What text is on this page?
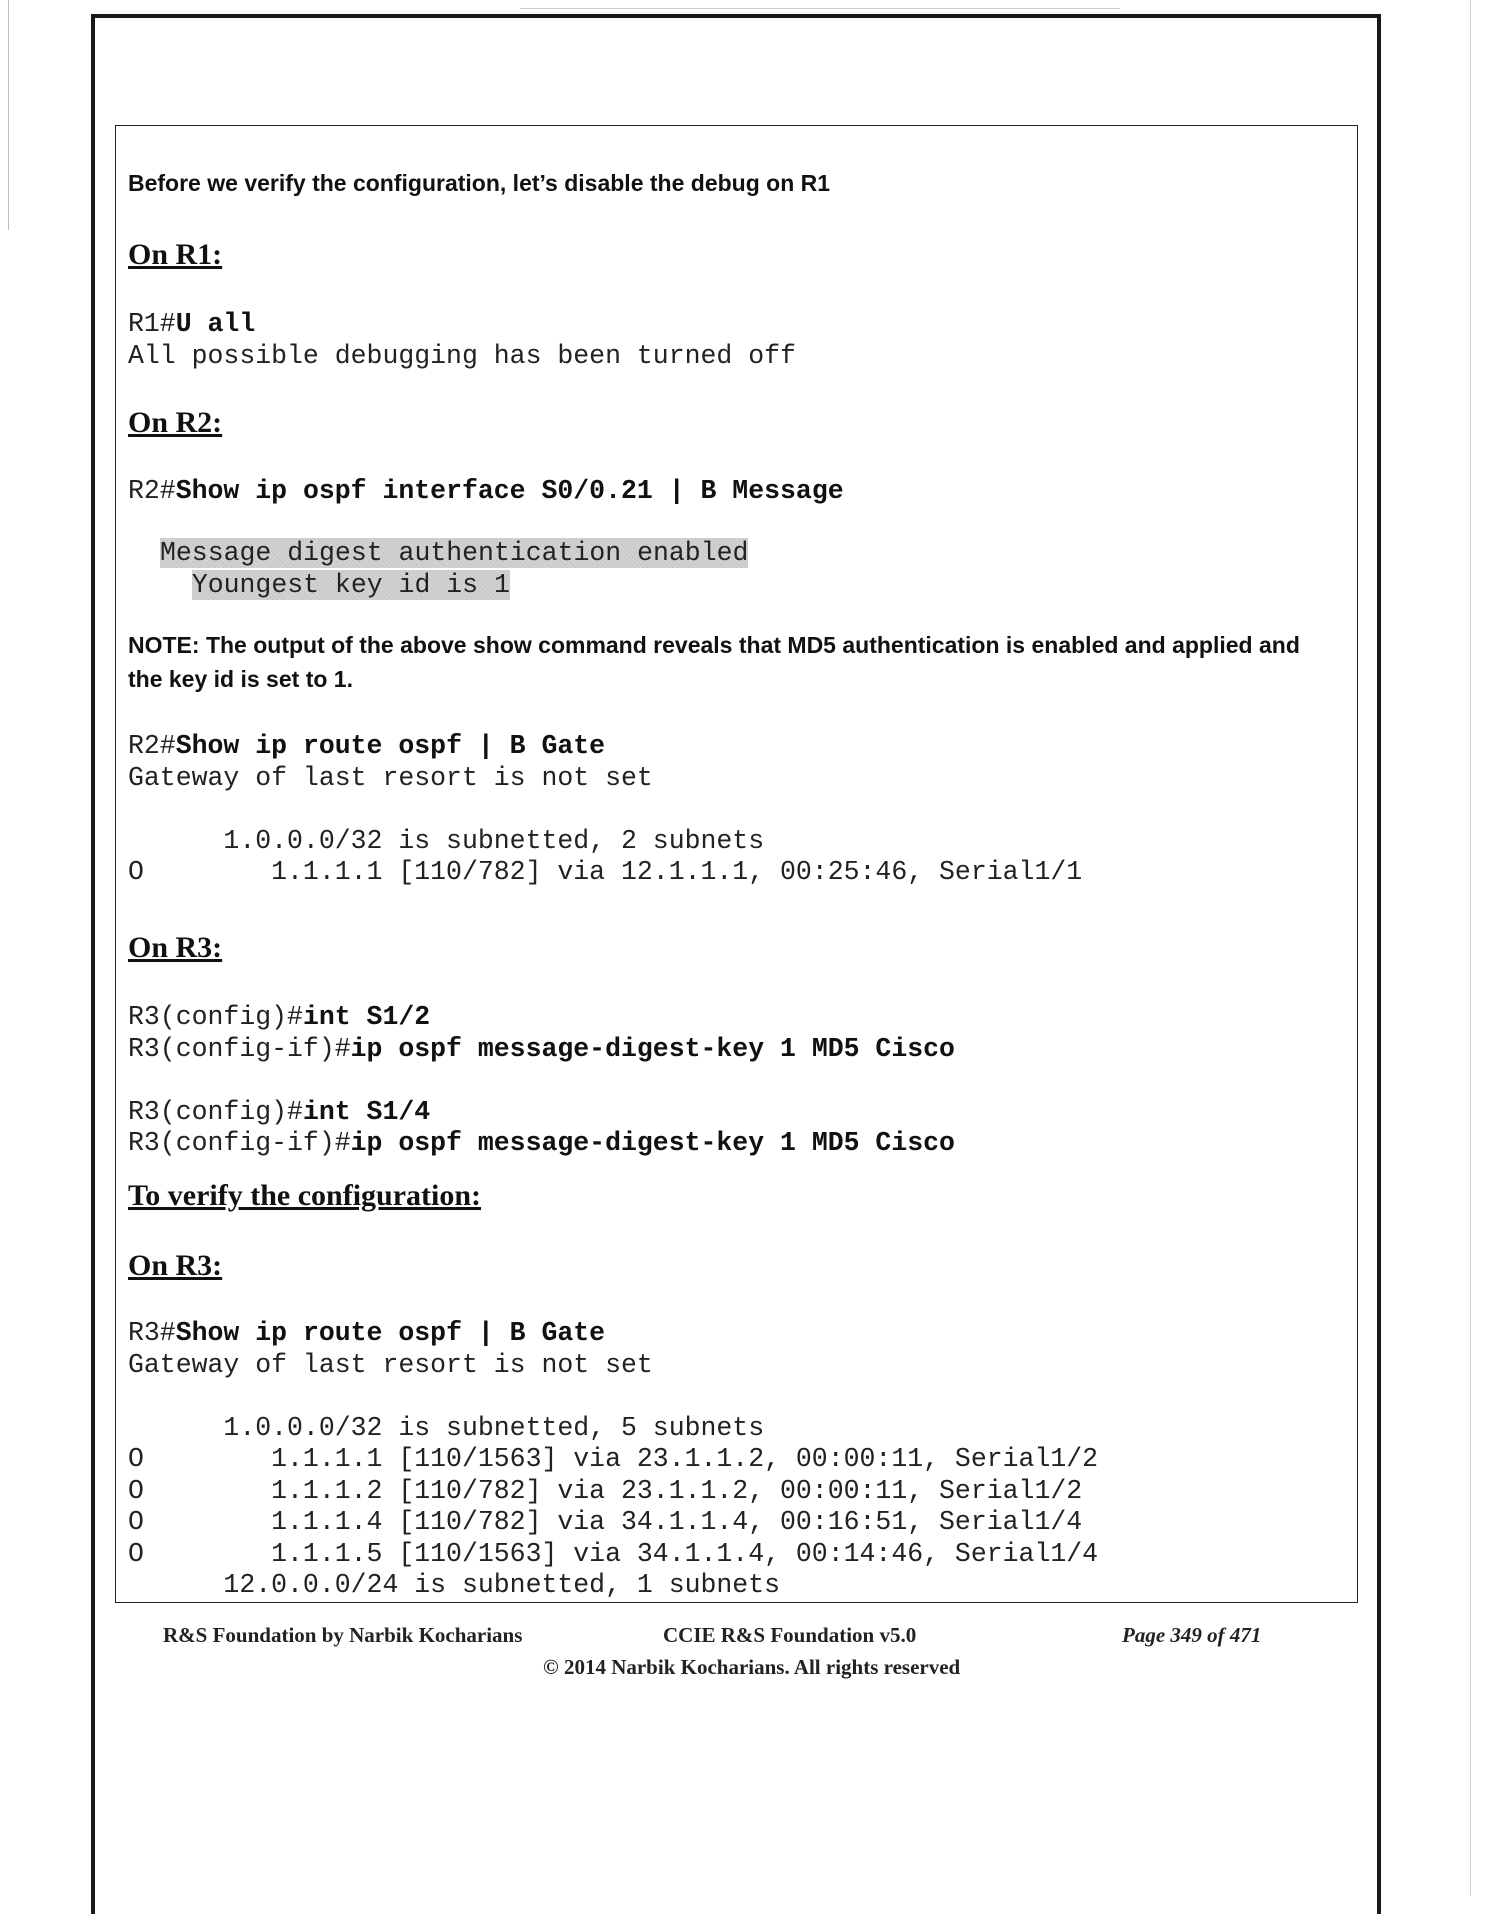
Before we verify the configuration, let’s disable the debug on R1

On R1:

R1#U all
All possible debugging has been turned off

On R2:

R2#Show ip ospf interface S0/0.21 | B Message
Message digest authentication enabled
Youngest key id is 1

NOTE: The output of the above show command reveals that MD5 authentication is enabled and applied and the key id is set to 1.

R2#Show ip route ospf | B Gate
Gateway of last resort is not set

1.0.0.0/32 is subnetted, 2 subnets
O        1.1.1.1 [110/782] via 12.1.1.1, 00:25:46, Serial1/1

On R3:

R3(config)#int S1/2
R3(config-if)#ip ospf message-digest-key 1 MD5 Cisco

R3(config)#int S1/4
R3(config-if)#ip ospf message-digest-key 1 MD5 Cisco

To verify the configuration:

On R3:

R3#Show ip route ospf | B Gate
Gateway of last resort is not set

1.0.0.0/32 is subnetted, 5 subnets
O        1.1.1.1 [110/1563] via 23.1.1.2, 00:00:11, Serial1/2
O        1.1.1.2 [110/782] via 23.1.1.2, 00:00:11, Serial1/2
O        1.1.1.4 [110/782] via 34.1.1.4, 00:16:51, Serial1/4
O        1.1.1.5 [110/1563] via 34.1.1.4, 00:14:46, Serial1/4
12.0.0.0/24 is subnetted, 1 subnets
R&S Foundation by Narbik Kocharians	CCIE R&S Foundation v5.0	Page 349 of 471
© 2014 Narbik Kocharians. All rights reserved
